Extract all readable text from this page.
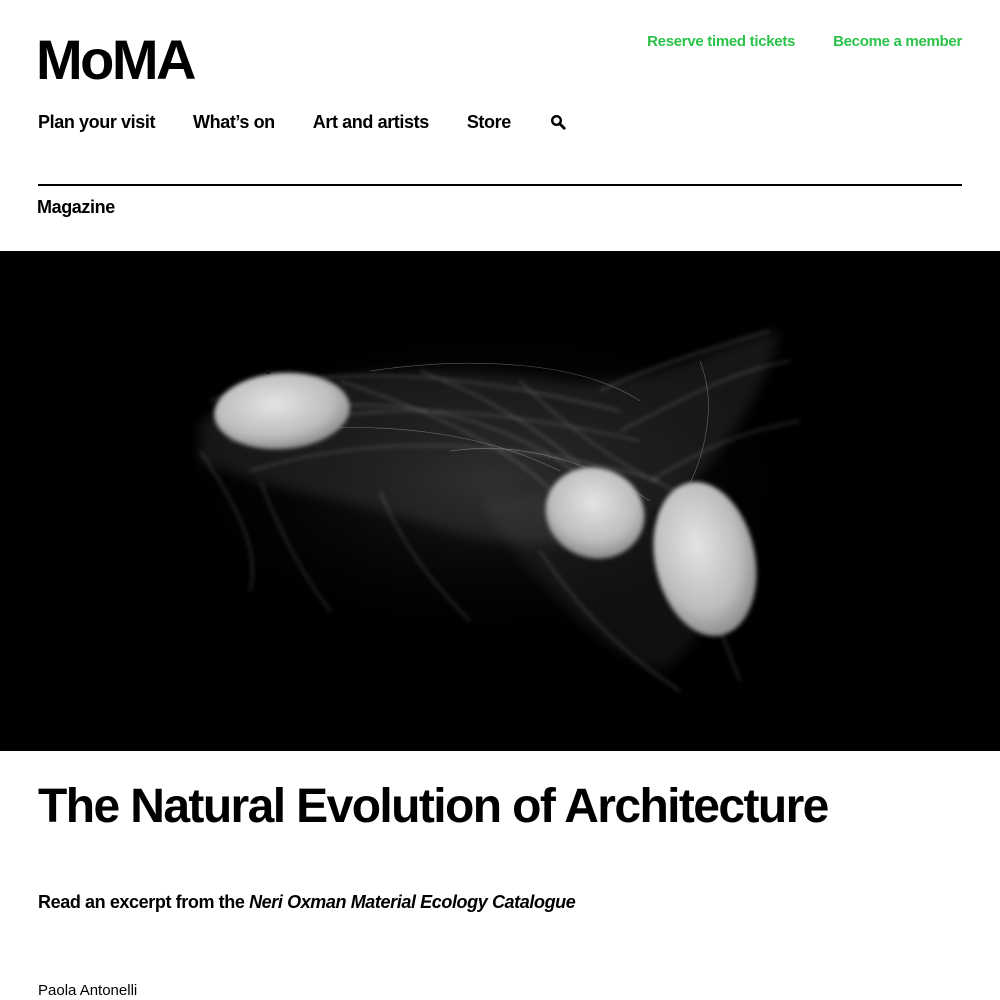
MoMA	Reserve timed tickets	Become a member
Plan your visit What’s on Art and artists Store
Magazine
The Natural Evolution of Architecture

Read an excerpt from the Neri Oxman Material Ecology Catalogue

Paola Antonelli
